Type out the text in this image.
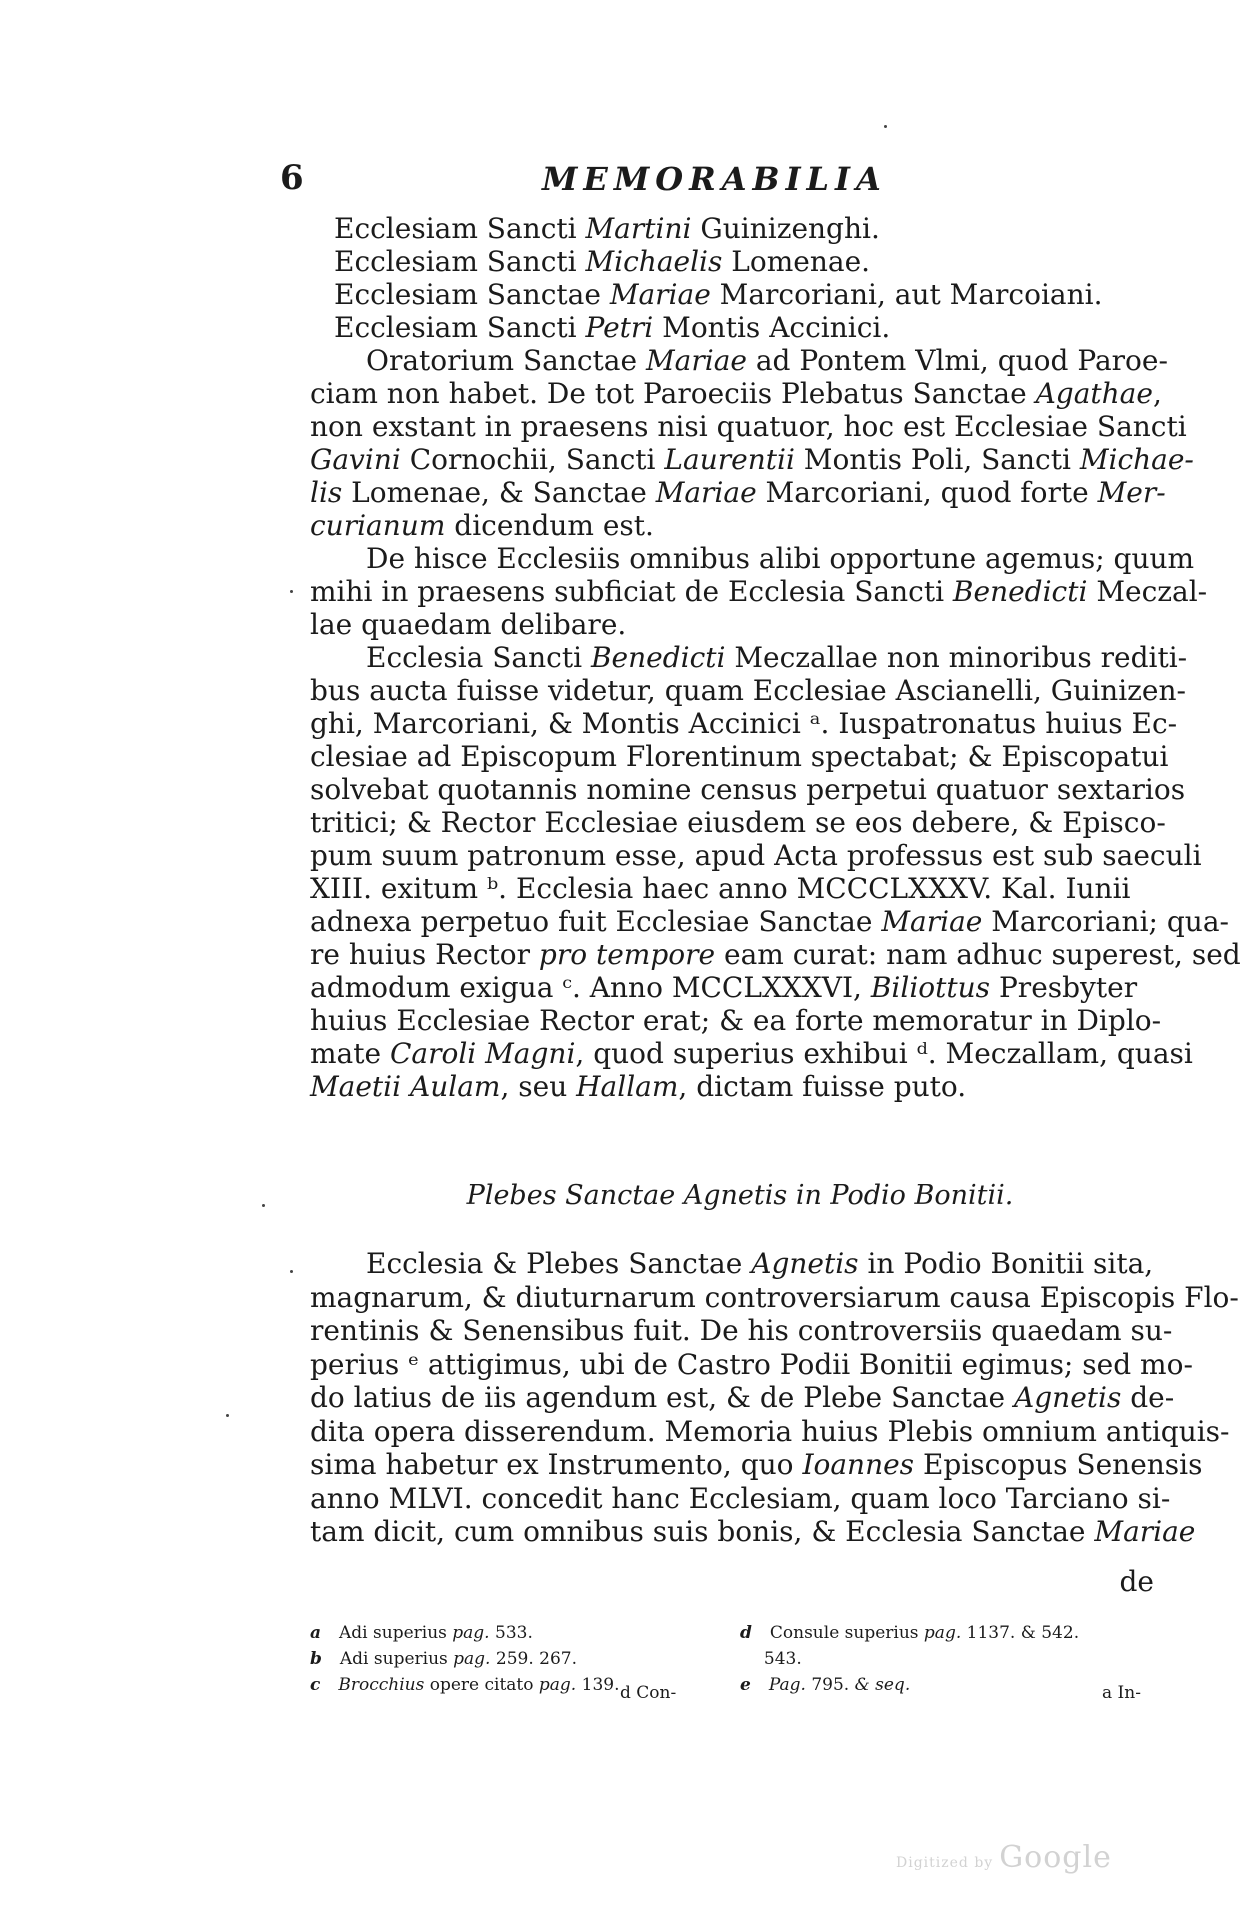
6	MEMORABILIA
Ecclesiam Sancti Martini Guinizenghi.
Ecclesiam Sancti Michaelis Lomenae.
Ecclesiam Sanctae Mariae Marcoriani, aut Marcoiani.
Ecclesiam Sancti Petri Montis Accinici.
  Oratorium Sanctae Mariae ad Pontem Vlmi, quod Paroe-
ciam non habet. De tot Paroeciis Plebatus Sanctae Agathae,
non exstant in praesens nisi quatuor, hoc est Ecclesiae Sancti
Gavini Cornochii, Sancti Laurentii Montis Poli, Sancti Michae-
lis Lomenae, & Sanctae Mariae Marcoriani, quod forte Mer-
curianum dicendum est.
  De hisce Ecclesiis omnibus alibi opportune agemus; quum
mihi in praesens subficiat de Ecclesia Sancti Benedicti Meczal-
lae quaedam delibare.
  Ecclesia Sancti Benedicti Meczallae non minoribus rediti-
bus aucta fuisse videtur, quam Ecclesiae Ascianelli, Guinizen-
ghi, Marcoriani, & Montis Accinici ᵃ. Iuspatronatus huius Ec-
clesiae ad Episcopum Florentinum spectabat; & Episcopatui
solvebat quotannis nomine census perpetui quatuor sextarios
tritici; & Rector Ecclesiae eiusdem se eos debere, & Episco-
pum suum patronum esse, apud Acta professus est sub saeculi
XIII. exitum ᵇ. Ecclesia haec anno MCCCLXXXV. Kal. Iunii
adnexa perpetuo fuit Ecclesiae Sanctae Mariae Marcoriani; qua-
re huius Rector pro tempore eam curat: nam adhuc superest, sed
admodum exigua ᶜ. Anno MCCLXXXVI, Biliottus Presbyter
huius Ecclesiae Rector erat; & ea forte memoratur in Diplo-
mate Caroli Magni, quod superius exhibui ᵈ. Meczallam, quasi
Maetii Aulam, seu Hallam, dictam fuisse puto.
Plebes Sanctae Agnetis in Podio Bonitii.
  Ecclesia & Plebes Sanctae Agnetis in Podio Bonitii sita,
magnarum, & diuturnarum controversiarum causa Episcopis Flo-
rentinis & Senensibus fuit. De his controversiis quaedam su-
perius ᵉ attigimus, ubi de Castro Podii Bonitii egimus; sed mo-
do latius de iis agendum est, & de Plebe Sanctae Agnetis de-
dita opera disserendum. Memoria huius Plebis omnium antiquis-
sima habetur ex Instrumento, quo Ioannes Episcopus Senensis
anno MLVI. concedit hanc Ecclesiam, quam loco Tarciano si-
tam dicit, cum omnibus suis bonis, & Ecclesia Sanctae Mariae
de
a Adi superius pag. 533.
b Adi superius pag. 259. 267.
c Brocchius opere citato pag. 139.
d Consule superius pag. 1137. & 542.
543.
e Pag. 795. & seq.
d Con-	a In-
Digitized by Google
